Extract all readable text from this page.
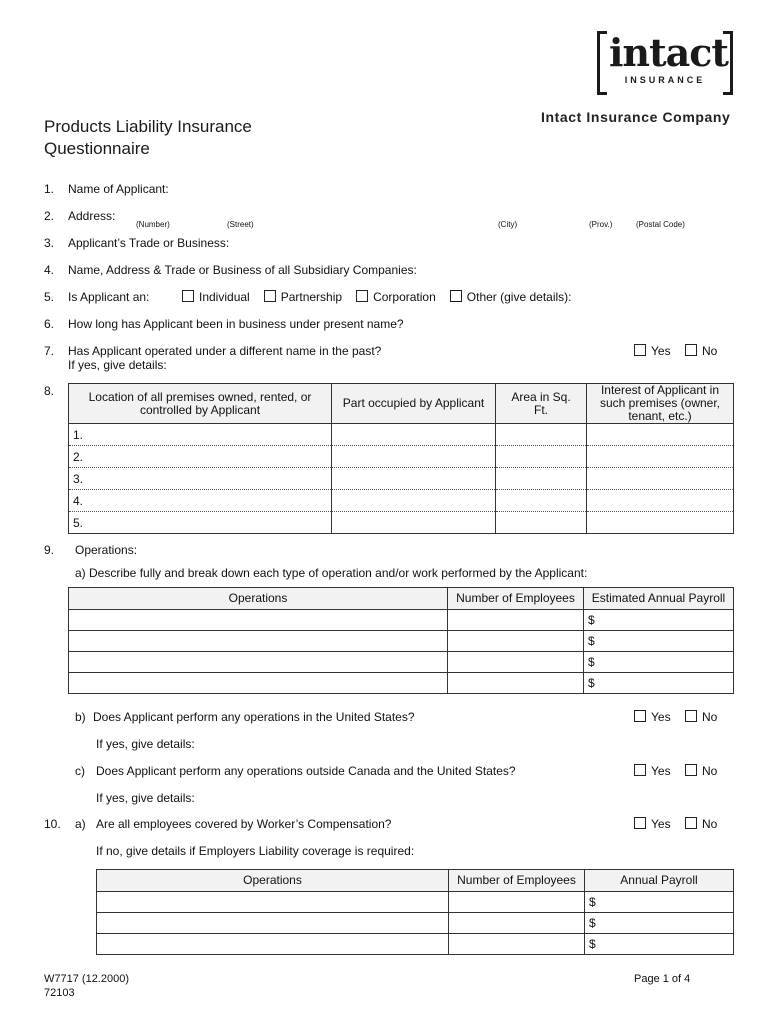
intact
INSURANCE
Intact Insurance Company
Products Liability Insurance
Questionnaire
1. Name of Applicant:
2. Address:
(Number)	(Street)	(City)	(Prov.)	(Postal Code)
3. Applicant’s Trade or Business:
4. Name, Address & Trade or Business of all Subsidiary Companies:
5. Is Applicant an:	Individual	Partnership	Corporation	Other (give details):
6. How long has Applicant been in business under present name?
7. Has Applicant operated under a different name in the past?
If yes, give details:
Yes	No
8.	Location of all premises owned, rented, or controlled by Applicant	Part occupied by Applicant	Area in Sq. Ft.	Interest of Applicant in such premises (owner, tenant, etc.)
1.			
2.			
3.			
4.			
5.			
9. Operations:
a) Describe fully and break down each type of operation and/or work performed by the Applicant:
Operations	Number of Employees	Estimated Annual Payroll
		$
		$
		$
		$
b) Does Applicant perform any operations in the United States?	Yes	No
If yes, give details:
c) Does Applicant perform any operations outside Canada and the United States?	Yes	No
If yes, give details:
10. a) Are all employees covered by Worker’s Compensation?	Yes	No
If no, give details if Employers Liability coverage is required:
Operations	Number of Employees	Annual Payroll
		$
		$
		$
W7717 (12.2000)
72103
Page 1 of 4
